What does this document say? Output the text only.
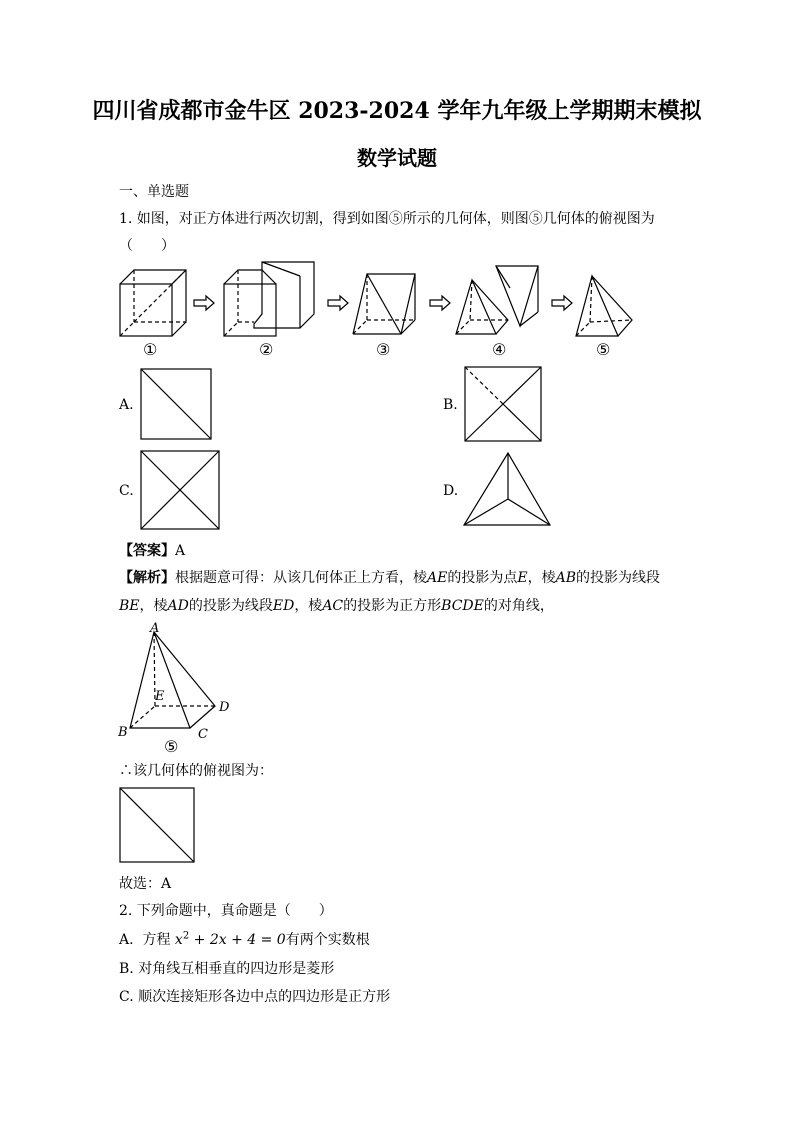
四川省成都市金牛区 2023-2024 学年九年级上学期期末模拟
数学试题
一、单选题
1. 如图，对正方体进行两次切割，得到如图⑤所示的几何体，则图⑤几何体的俯视图为
（　　）
①	②	③	④	⑤
A.	B.
C.	D.
【答案】A
【解析】根据题意可得：从该几何体正上方看，棱AE的投影为点E，棱AB的投影为线段
BE，棱AD的投影为线段ED，棱AC的投影为正方形BCDE的对角线，
A
B	C
D
E
⑤
∴该几何体的俯视图为：
故选：A
2. 下列命题中，真命题是（　　）
A. 方程 $x^2 + 2x + 4 = 0$有两个实数根
B. 对角线互相垂直的四边形是菱形
C. 顺次连接矩形各边中点的四边形是正方形
